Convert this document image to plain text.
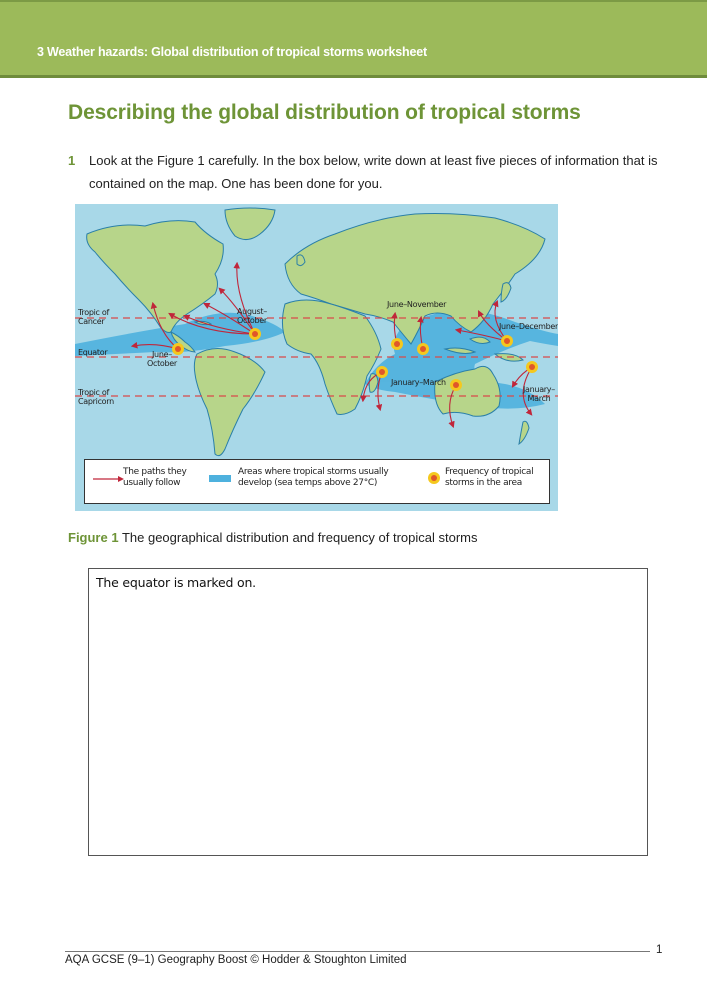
3 Weather hazards: Global distribution of tropical storms worksheet
Describing the global distribution of tropical storms
1 Look at the Figure 1 carefully. In the box below, write down at least five pieces of information that is contained on the map. One has been done for you.

Tropic of
Cancer
Equator
Tropic of
Capricorn
August–
October
June–
October
June–November
June–December
January–March
January–
March
The paths they
usually follow
Areas where tropical storms usually
develop (sea temps above 27°C)
Frequency of tropical
storms in the area

Figure 1 The geographical distribution and frequency of tropical storms

The equator is marked on.
AQA GCSE (9–1) Geography Boost © Hodder & Stoughton Limited
1
